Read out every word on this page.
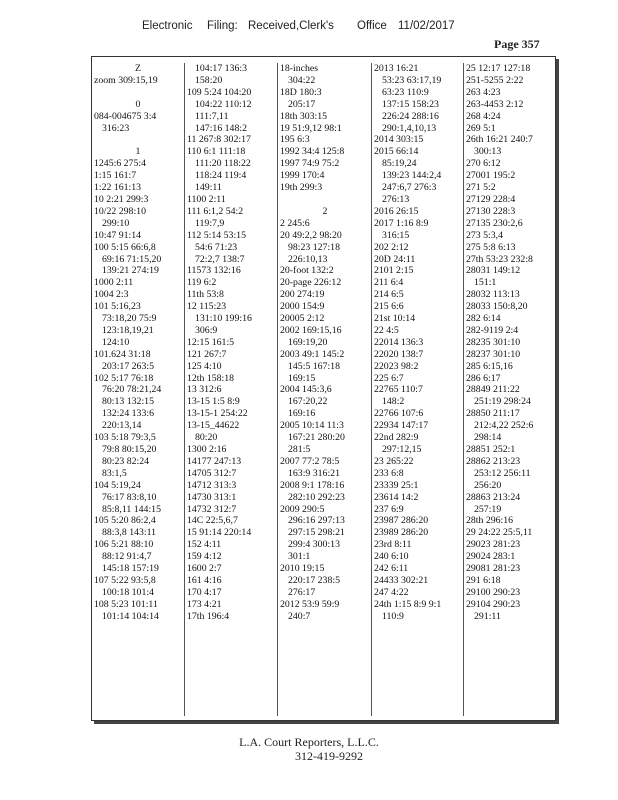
Electronic Filing: Received,Clerk's Office 11/02/2017
Page 357
Z
zoom 309:15,19

0
084-004675 3:4
316:23

1
1245:6 275:4
1:15 161:7
1:22 161:13
10 2:21 299:3
10/22 298:10
299:10
10:47 91:14
100 5:15 66:6,8
69:16 71:15,20
139:21 274:19
1000 2:11
1004 2:3
101 5:16,23
73:18,20 75:9
123:18,19,21
124:10
101.624 31:18
203:17 263:5
102 5:17 76:18
76:20 78:21,24
80:13 132:15
132:24 133:6
220:13,14
103 5:18 79:3,5
79:8 80:15,20
80:23 82:24
83:1,5
104 5:19,24
76:17 83:8,10
85:8,11 144:15
105 5:20 86:2,4
88:3,8 143:11
106 5:21 88:10
88:12 91:4,7
145:18 157:19
107 5:22 93:5,8
100:18 101:4
108 5:23 101:11
101:14 104:14
104:17 136:3
158:20
109 5:24 104:20
104:22 110:12
111:7,11
147:16 148:2
11 267:8 302:17
110 6:1 111:18
111:20 118:22
118:24 119:4
149:11
1100 2:11
111 6:1,2 54:2
119:7,9
112 5:14 53:15
54:6 71:23
72:2,7 138:7
11573 132:16
119 6:2
11th 53:8
12 115:23
131:10 199:16
306:9
12:15 161:5
121 267:7
125 4:10
12th 158:18
13 312:6
13-15 1:5 8:9
13-15-1 254:22
13-15_44622
80:20
1300 2:16
14177 247:13
14705 312:7
14712 313:3
14730 313:1
14732 312:7
14C 22:5,6,7
15 91:14 220:14
152 4:11
159 4:12
1600 2:7
161 4:16
170 4:17
173 4:21
17th 196:4
18-inches
304:22
18D 180:3
205:17
18th 303:15
19 51:9,12 98:1
195 6:3
1992 34:4 125:8
1997 74:9 75:2
1999 170:4
19th 299:3

2
2 245:6
20 49:2,2 98:20
98:23 127:18
226:10,13
20-foot 132:2
20-page 226:12
200 274:19
2000 154:9
20005 2:12
2002 169:15,16
169:19,20
2003 49:1 145:2
145:5 167:18
169:15
2004 145:3,6
167:20,22
169:16
2005 10:14 11:3
167:21 280:20
281:5
2007 77:2 78:5
163:9 316:21
2008 9:1 178:16
282:10 292:23
2009 290:5
296:16 297:13
297:15 298:21
299:4 300:13
301:1
2010 19:15
220:17 238:5
276:17
2012 53:9 59:9
240:7
2013 16:21
53:23 63:17,19
63:23 110:9
137:15 158:23
226:24 288:16
290:1,4,10,13
2014 303:15
2015 66:14
85:19,24
139:23 144:2,4
247:6,7 276:3
276:13
2016 26:15
2017 1:16 8:9
316:15
202 2:12
20D 24:11
2101 2:15
211 6:4
214 6:5
215 6:6
21st 10:14
22 4:5
22014 136:3
22020 138:7
22023 98:2
225 6:7
22765 110:7
148:2
22766 107:6
22934 147:17
22nd 282:9
297:12,15
23 265:22
233 6:8
23339 25:1
23614 14:2
237 6:9
23987 286:20
23989 286:20
23rd 8:11
240 6:10
242 6:11
24433 302:21
247 4:22
24th 1:15 8:9 9:1
110:9
25 12:17 127:18
251-5255 2:22
263 4:23
263-4453 2:12
268 4:24
269 5:1
26th 16:21 240:7
300:13
270 6:12
27001 195:2
271 5:2
27129 228:4
27130 228:3
27135 230:2,6
273 5:3,4
275 5:8 6:13
27th 53:23 232:8
28031 149:12
151:1
28032 113:13
28033 150:8,20
282 6:14
282-9119 2:4
28235 301:10
28237 301:10
285 6:15,16
286 6:17
28849 211:22
251:19 298:24
28850 211:17
212:4,22 252:6
298:14
28851 252:1
28862 213:23
253:12 256:11
256:20
28863 213:24
257:19
28th 296:16
29 24:22 25:5,11
29023 281:23
29024 283:1
29081 281:23
291 6:18
29100 290:23
29104 290:23
291:11
L.A. Court Reporters, L.L.C.
312-419-9292
